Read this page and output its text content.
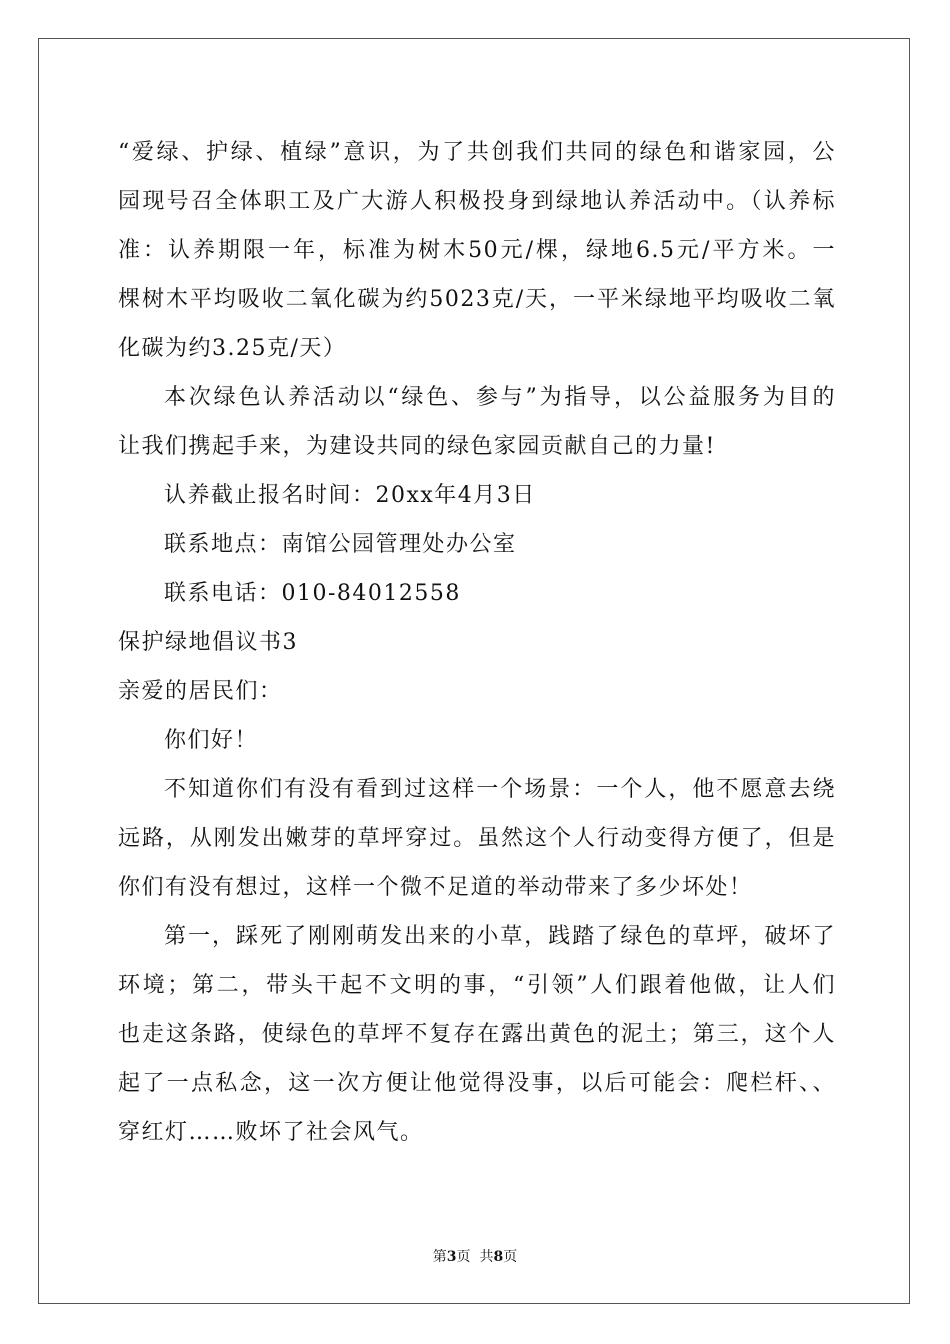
“爱绿、护绿、植绿”意识，为了共创我们共同的绿色和谐家园，公
园现号召全体职工及广大游人积极投身到绿地认养活动中。（认养标
准：认养期限一年，标准为树木50元/棵，绿地6.5元/平方米。一
棵树木平均吸收二氧化碳为约5023克/天，一平米绿地平均吸收二氧
化碳为约3.25克/天）
本次绿色认养活动以“绿色、参与”为指导，以公益服务为目的
让我们携起手来，为建设共同的绿色家园贡献自己的力量!
认养截止报名时间：20xx年4月3日
联系地点：南馆公园管理处办公室
联系电话：010-84012558
保护绿地倡议书3
亲爱的居民们：
你们好！
不知道你们有没有看到过这样一个场景：一个人，他不愿意去绕
远路，从刚发出嫩芽的草坪穿过。虽然这个人行动变得方便了，但是
你们有没有想过，这样一个微不足道的举动带来了多少坏处！
第一，踩死了刚刚萌发出来的小草，践踏了绿色的草坪，破坏了
环境；第二，带头干起不文明的事，“引领”人们跟着他做，让人们
也走这条路，使绿色的草坪不复存在露出黄色的泥土；第三，这个人
起了一点私念，这一次方便让他觉得没事，以后可能会：爬栏杆、、
穿红灯……败坏了社会风气。
第3页  共8页
